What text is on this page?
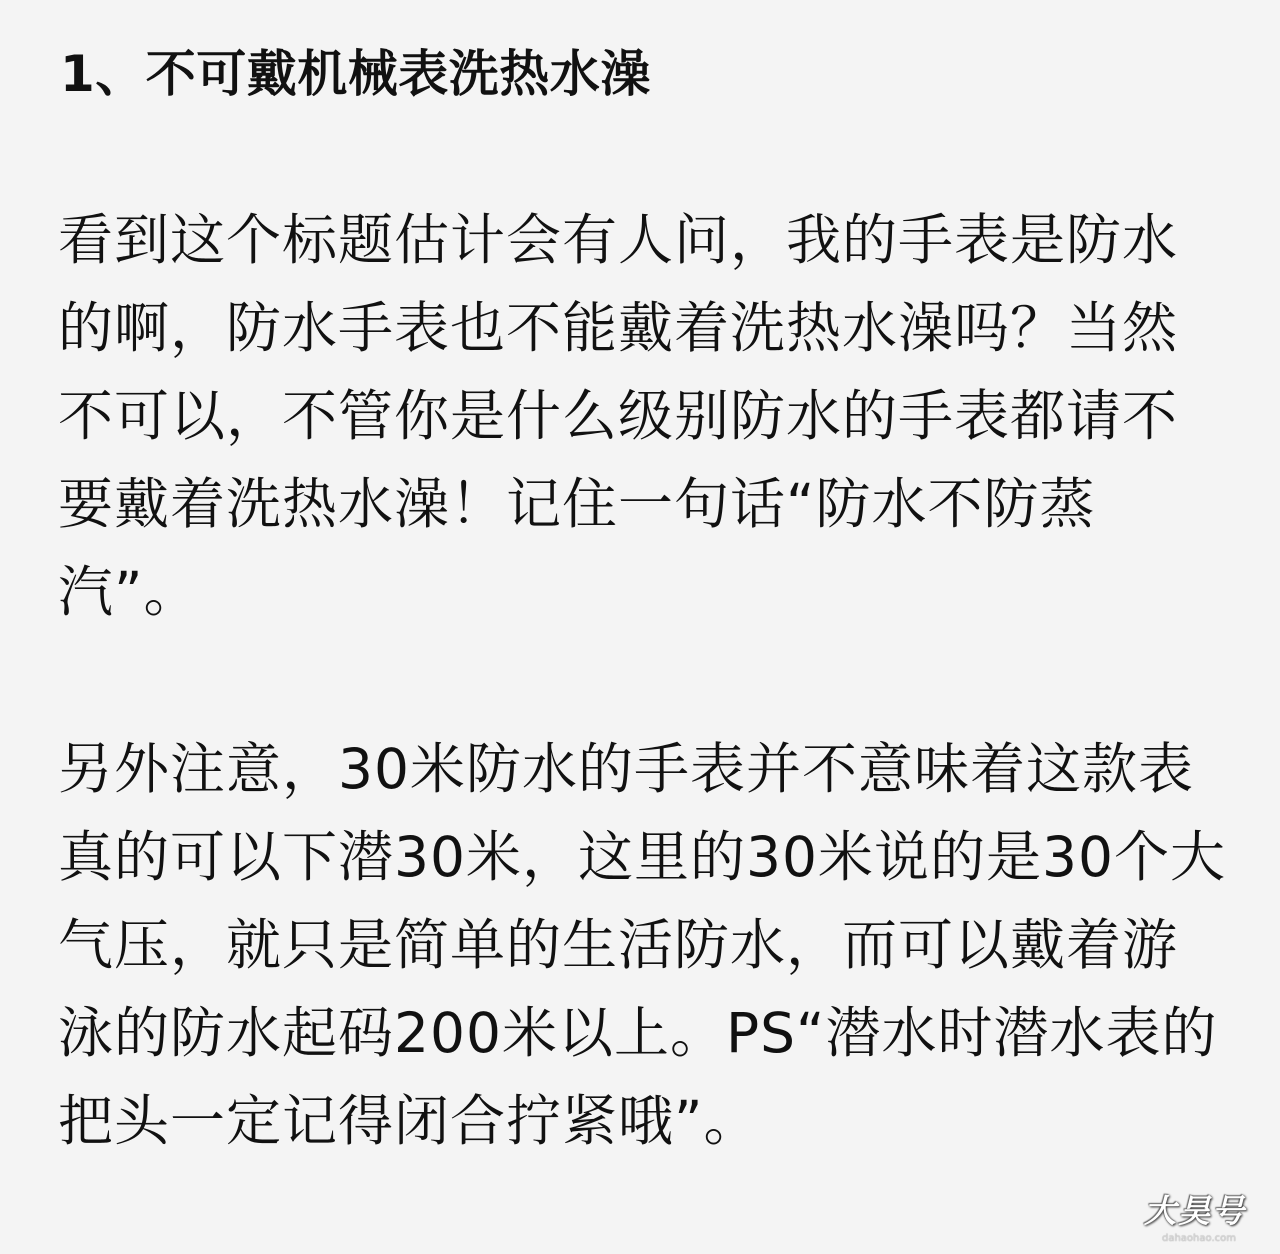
1、不可戴机械表洗热水澡

看到这个标题估计会有人问，我的手表是防水
的啊，防水手表也不能戴着洗热水澡吗？当然
不可以，不管你是什么级别防水的手表都请不
要戴着洗热水澡！记住一句话“防水不防蒸
汽”。

另外注意，30米防水的手表并不意味着这款表
真的可以下潜30米，这里的30米说的是30个大
气压，就只是简单的生活防水，而可以戴着游
泳的防水起码200米以上。PS“潜水时潜水表的
把头一定记得闭合拧紧哦”。

大昊号
dahaohao.com
